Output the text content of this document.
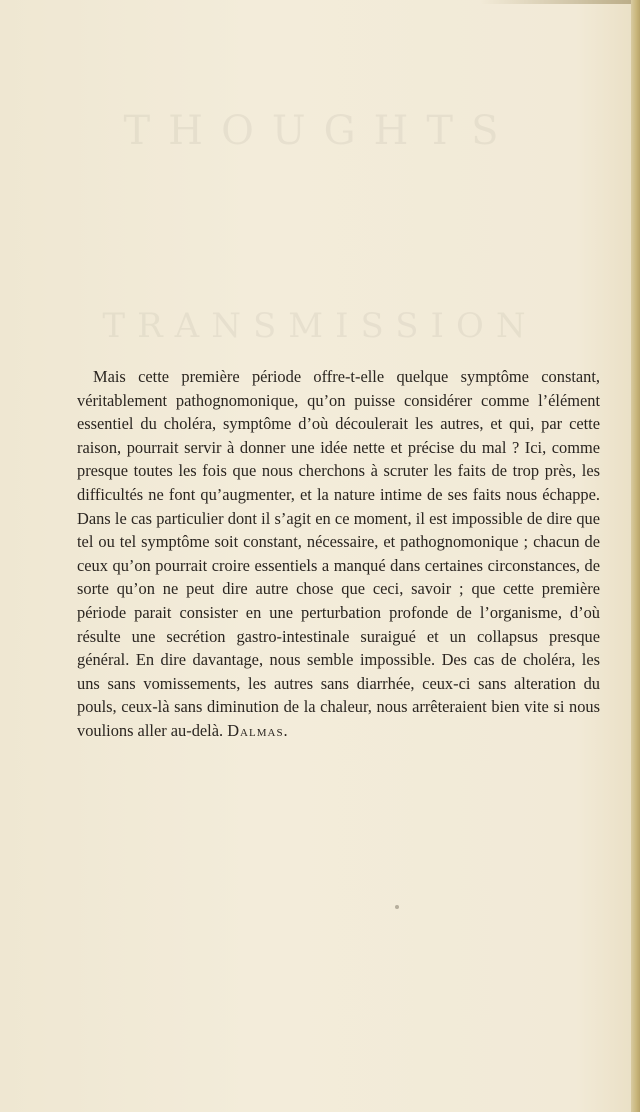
Mais cette première période offre-t-elle quelque symptôme constant, véritablement pathognomonique, qu’on puisse considérer comme l’élément essentiel du choléra, symptôme d’où découlerait les autres, et qui, par cette raison, pourrait servir à donner une idée nette et précise du mal ? Ici, comme presque toutes les fois que nous cherchons à scruter les faits de trop près, les difficultés ne font qu’augmenter, et la nature intime de ses faits nous échappe. Dans le cas particulier dont il s’agit en ce moment, il est impossible de dire que tel ou tel symptôme soit constant, nécessaire, et pathognomonique ; chacun de ceux qu’on pourrait croire essentiels a manqué dans certaines circonstances, de sorte qu’on ne peut dire autre chose que ceci, savoir ; que cette première période parait consister en une perturbation profonde de l’organisme, d’où résulte une secrétion gastro-intestinale suraigué et un collapsus presque général. En dire davantage, nous semble impossible. Des cas de choléra, les uns sans vomissements, les autres sans diarrhée, ceux-ci sans alteration du pouls, ceux-là sans diminution de la chaleur, nous arrêteraient bien vite si nous voulions aller au-delà. Dalmas.
